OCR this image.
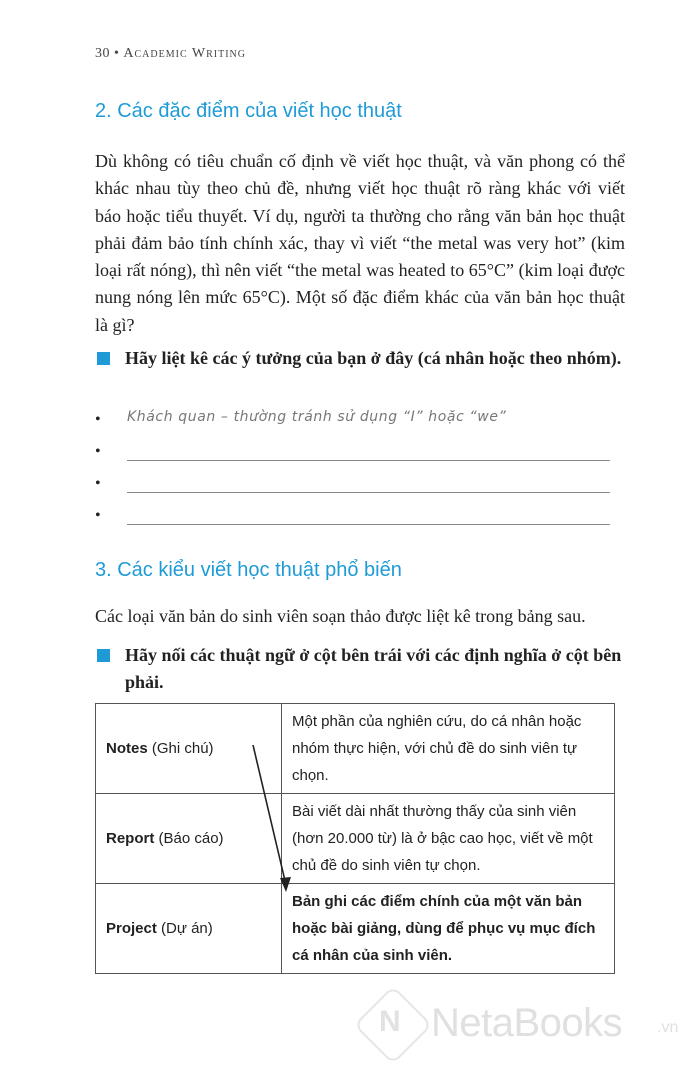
30 • Academic Writing
2. Các đặc điểm của viết học thuật
Dù không có tiêu chuẩn cố định về viết học thuật, và văn phong có thể khác nhau tùy theo chủ đề, nhưng viết học thuật rõ ràng khác với viết báo hoặc tiểu thuyết. Ví dụ, người ta thường cho rằng văn bản học thuật phải đảm bảo tính chính xác, thay vì viết “the metal was very hot” (kim loại rất nóng), thì nên viết “the metal was heated to 65°C” (kim loại được nung nóng lên mức 65°C). Một số đặc điểm khác của văn bản học thuật là gì?
Hãy liệt kê các ý tưởng của bạn ở đây (cá nhân hoặc theo nhóm).
• Khách quan – thường tránh sử dụng “I” hoặc “we”
•
•
•
3. Các kiểu viết học thuật phổ biến
Các loại văn bản do sinh viên soạn thảo được liệt kê trong bảng sau.
Hãy nối các thuật ngữ ở cột bên trái với các định nghĩa ở cột bên phải.
Notes (Ghi chú)	Một phần của nghiên cứu, do cá nhân hoặc nhóm thực hiện, với chủ đề do sinh viên tự chọn.
Report (Báo cáo)	Bài viết dài nhất thường thấy của sinh viên (hơn 20.000 từ) là ở bậc cao học, viết về một chủ đề do sinh viên tự chọn.
Project (Dự án)	Bản ghi các điểm chính của một văn bản hoặc bài giảng, dùng để phục vụ mục đích cá nhân của sinh viên.
N NetaBooks .vn
